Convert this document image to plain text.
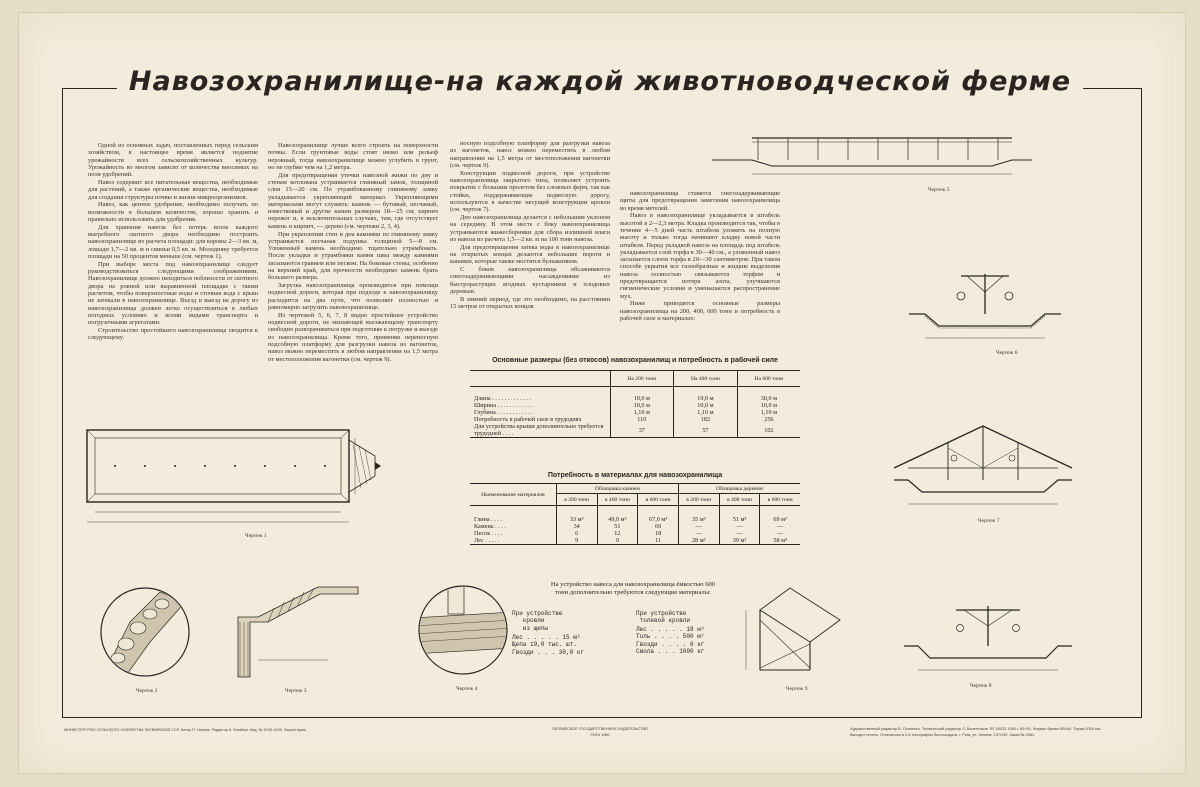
Навозохранилище-на каждой животноводческой ферме

Одной из основных задач, поставленных перед сельским хозяйством, в настоящее время является поднятие урожайности всех сельскохозяйственных культур. Урожайность во многом зависит от количества вносимых на поля удобрений.

Навоз содержит все питательные вещества, необходимые для растений, а также органические вещества, необходимые для создания структуры почвы и жизни микроорганизмов.

Навоз, как ценное удобрение, необходимо получать по возможности в большем количестве, хорошо хранить и правильно использовать для удобрения.

Для хранения навоза без потерь возле каждого выгребного скотного двора необходимо построить навозохранилище из расчета площади: для коровы 2—3 кв. м, лошади 1,7—2 кв. м и свиньи 0,5 кв. м. Молодняку требуется площади на 50 процентов меньше (см. чертеж 1).

При выборе места под навозохранилище следует руководствоваться следующими соображениями. Навозохранилище должно находиться поблизости от скотного двора на ровной или выравненной площадке с таким расчетом, чтобы поверхностные воды и сточная вода с крыш не затекали в навозохранилище. Въезд и выезд на дорогу из навозохранилища должен легко осуществляться в любых погодных условиях и всеми видами транспорта и погрузочными агрегатами.

Строительство простейшего навозохранилища сводится к следующему.

Навозохранилище лучше всего строить на поверхности почвы. Если грунтовые воды стоят низко или рельеф неровный, тогда навозохранилище можно углубить в грунт, но не глубже чем на 1,2 метра.

Для предотвращения утечки навозной жижи по дну и стенам котлована устраивается глиняный замок, толщиной слоя 15—20 см. По утрамбованному глиняному замку укладывается укрепляющий материал. Укрепляющими материалами могут служить: камень — бутовый, песчаный, известковый и другие камни размером 18—25 см; кирпич пережог и, в исключительных случаях, там, где отсутствует камень и кирпич, — дерево (см. чертежи 2, 3, 4).

При укреплении стен и дна камнями по глиняному замку устраивается песчаная подушка толщиной 5—8 см. Уложенный камень необходимо тщательно утрамбовать. После укладки и утрамбовки камня швы между камнями засыпаются гравием или песком. На боковые стены, особенно на верхний край, для прочности необходимо камень брать большего размера.

Загрузка навозохранилища производится при помощи подвесной дороги, которая при подходе к навозохранилищу расходится на два пути, что позволяет полностью и равномерно загрузить навозохранилище.

Из чертежей 5, 6, 7, 8 видно простейшее устройство подвесной дороги, не мешающей въезжающему транспорту свободно разворачиваться при подготовке к погрузке и выезде из навозохранилища. Кроме того, применяя переносную подсобную платформу для разгрузки навоза из вагонеток, навоз можно переместить в любом направлении на 1,5 метра от местоположения вагонетки (см. чертеж 9).

носную подсобную платформу для разгрузки навоза из вагонеток, навоз можно переместить в любом направлении на 1,5 метра от местоположения вагонетки (см. чертеж 9).

Конструкции подвесной дороги, при устройстве навозохранилища закрытого типа, позволяет устроить покрытие с большим пролетом без сложных ферм, так как стойки, поддерживающие подвесную дорогу, используются в качестве несущей конструкции кровли (см. чертеж 7).

Дно навозохранилища делается с небольшим уклоном на середину. В этом месте с боку навозохранилища устраиваются жижесборники для сбора излишней влаги из навоза из расчета 1,5—2 кв. м на 100 тонн навоза.

Для предотвращения затека воды в навозохранилище на открытых концах делаются небольшие пороги и канавки, которые также мостятся булыжником.

С боков навозохранилища обсаживаются снегозадерживающими насаждениями из быстрорастущих ягодных кустарников и плодовых деревьев.

В зимний период, где это необходимо, на расстоянии 15 метров от открытых концов

навозохранилища ставятся снегозадерживающие щиты для предотвращения заметания навозохранилища во время метелей.

Навоз в навозохранилище укладывается в штабель высотой в 2—2,3 метра. Кладка производится так, чтобы в течение 4—5 дней часть штабеля уложить на полную высоту и только тогда начинают кладку новой части штабеля. Перед укладкой навоза на площадь под штабель укладывается слой торфа в 30—40 см., а уложенный навоз засыпается слоем торфа в 20—30 сантиметров. При таком способе укрытия все газообразные и жидкие выделения навоза полностью связываются торфом и предотвращается потеря азота, улучшаются гигиенические условия и уменьшается распространение мух.

Ниже приводятся основные размеры навозохранилища на 200, 400, 600 тонн и потребность в рабочей силе и материалах:

Основные размеры (без откосов) навозохранилищ и потребность в рабочей силе
	На 200 тонн	На 400 тонн	На 600 тонн
Длина . . . . . . . . . . . . .	10,0 м	19,0 м	30,0 м
Ширина . . . . . . . . . . . .	10,0 м	10,0 м	10,0 м
Глубина . . . . . . . . . . . .	1,10 м	1,10 м	1,10 м
Потребность в рабочей силе в трудоднях	110	182	256
Для устройства крыши дополнительно требуется трудодней . . . .	37	57	102
Потребность в материалах для навозохранилища
Наименование материалов	Облицовка камнем			Облицовка деревом		
	в 200 тонн	в 400 тонн	в 600 тонн	в 200 тонн	в 400 тонн	в 600 тонн
Глина . . . .	33 м³	49,0 м³	67,0 м³	35 м³	51 м³	69 м³
Камень . . . .	34	51	69	—	—	—
Песок . . . .	6	12	18	—	—	—
Лес . . . . .	9	9	11	28 м³	39 м³	58 м³
На устройство навеса для навозохранилища ёмкостью 600 тонн дополнительно требуются следующие материалы:
При устройстве
кровли
из щепы
Лес . . . . . 15 м³
Щепа 19,0 тыс. шт.
Гвозди . . . 30,0 кг
При устройстве
толевой кровли
Лес . . . . . 18 м³
Толь . . . . 500 м²
Гвозди . . . . 6 кг
Смола . . . 1000 кг
Чертеж 1
Чертеж 2	Чертеж 3	Чертеж 4
Чертеж 5
Чертеж 6
Чертеж 7
Чертеж 8
Чертеж 9
МИНИСТЕРСТВО СЕЛЬСКОГО ХОЗЯЙСТВА ЛАТВИЙСКОЙ ССР. Автор П. Черняк. Редактор К. Бомберг. Изд. № 9749-1000. Заказ/тираж.	ЛАТВИЙСКОЕ ГОСУДАРСТВЕННОЕ ИЗДАТЕЛЬСТВО
РИГА 1950
Художественный редактор В. Осипенко. Технический редактор Л. Валентиков. ЯТ 00022 1950 г. 60×92. Формат бумаги 80×60. Тираж 2000 экз.
Выходит печать. Отпечатано в 2-й типографии Латгосиздата, г. Рига, ул. Ленина, 137/139. Заказ № 2981.
